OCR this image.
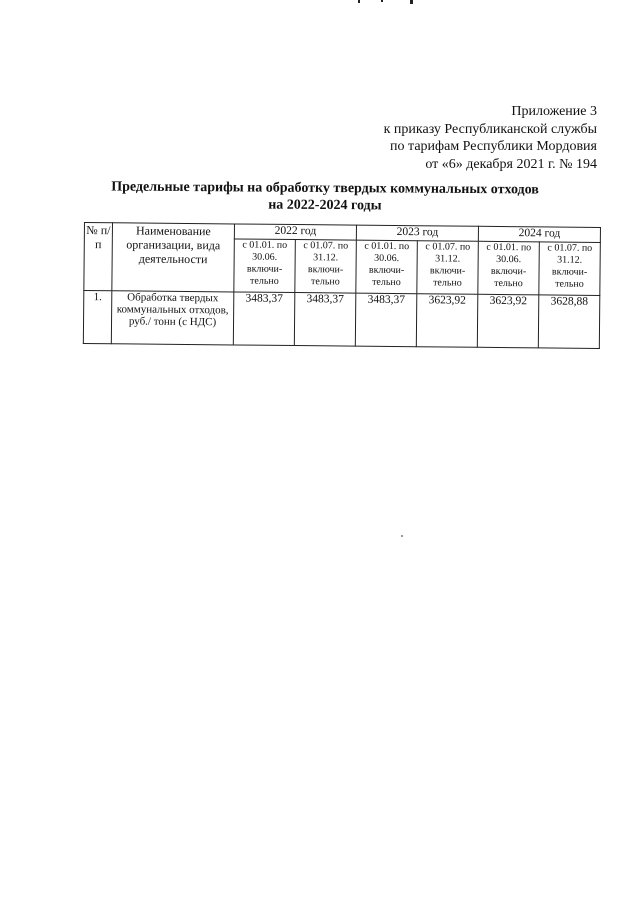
Приложение 3
к приказу Республиканской службы
по тарифам Республики Мордовия
от «6» декабря 2021 г. № 194
Предельные тарифы на обработку твердых коммунальных отходов
на 2022-2024 годы
№ п/п	Наименование организации, вида деятельности	2022 год		2023 год		2024 год	
		с 01.01. по 30.06. включи-тельно	с 01.07. по 31.12. включи-тельно	с 01.01. по 30.06. включи-тельно	с 01.07. по 31.12. включи-тельно	с 01.01. по 30.06. включи-тельно	с 01.07. по 31.12. включи-тельно
1.	Обработка твердых коммунальных отходов, руб./ тонн (с НДС)	3483,37	3483,37	3483,37	3623,92	3623,92	3628,88
